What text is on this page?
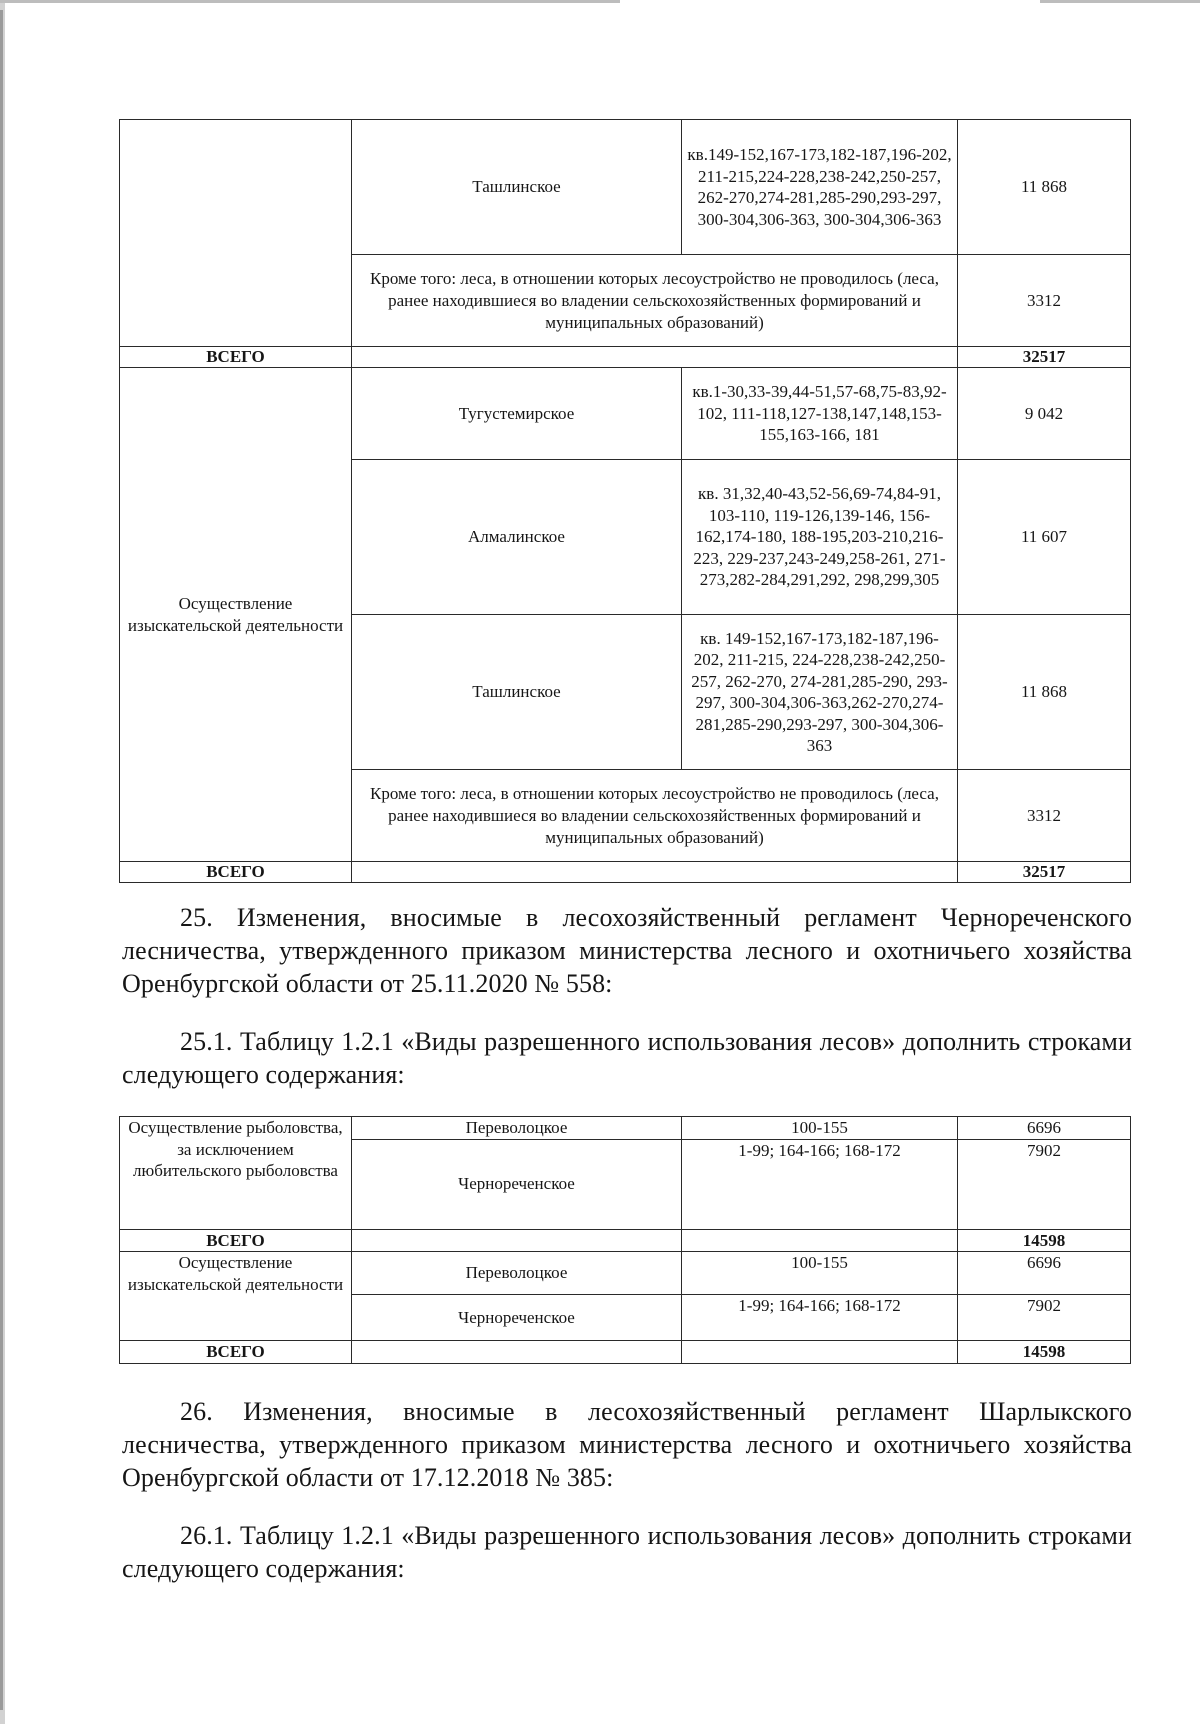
	Ташлинское	кв.149-152,167-173,182-187,196-202, 211-215,224-228,238-242,250-257, 262-270,274-281,285-290,293-297, 300-304,306-363, 300-304,306-363	11 868
	Кроме того: леса, в отношении которых лесоустройство не проводилось (леса, ранее находившиеся во владении сельскохозяйственных формирований и муниципальных образований)		3312
ВСЕГО			32517
Осуществление изыскательской деятельности	Тугустемирское	кв.1-30,33-39,44-51,57-68,75-83,92-102, 111-118,127-138,147,148,153-155,163-166, 181	9 042
	Алмалинское	кв. 31,32,40-43,52-56,69-74,84-91, 103-110, 119-126,139-146, 156-162,174-180, 188-195,203-210,216-223, 229-237,243-249,258-261, 271-273,282-284,291,292, 298,299,305	11 607
	Ташлинское	кв. 149-152,167-173,182-187,196-202, 211-215, 224-228,238-242,250-257, 262-270, 274-281,285-290, 293-297, 300-304,306-363,262-270,274-281,285-290,293-297, 300-304,306-363	11 868
	Кроме того: леса, в отношении которых лесоустройство не проводилось (леса, ранее находившиеся во владении сельскохозяйственных формирований и муниципальных образований)		3312
ВСЕГО			32517

25. Изменения, вносимые в лесохозяйственный регламент Чернореченского лесничества, утвержденного приказом министерства лесного и охотничьего хозяйства Оренбургской области от 25.11.2020 № 558:

25.1. Таблицу 1.2.1 «Виды разрешенного использования лесов» дополнить строками следующего содержания:

Осуществление рыболовства, за исключением любительского рыболовства	Переволоцкое	100-155	6696
	Чернореченское	1-99; 164-166; 168-172	7902
ВСЕГО			14598
Осуществление изыскательской деятельности	Переволоцкое	100-155	6696
	Чернореченское	1-99; 164-166; 168-172	7902
ВСЕГО			14598

26. Изменения, вносимые в лесохозяйственный регламент Шарлыкского лесничества, утвержденного приказом министерства лесного и охотничьего хозяйства Оренбургской области от 17.12.2018 № 385:

26.1. Таблицу 1.2.1 «Виды разрешенного использования лесов» дополнить строками следующего содержания:
